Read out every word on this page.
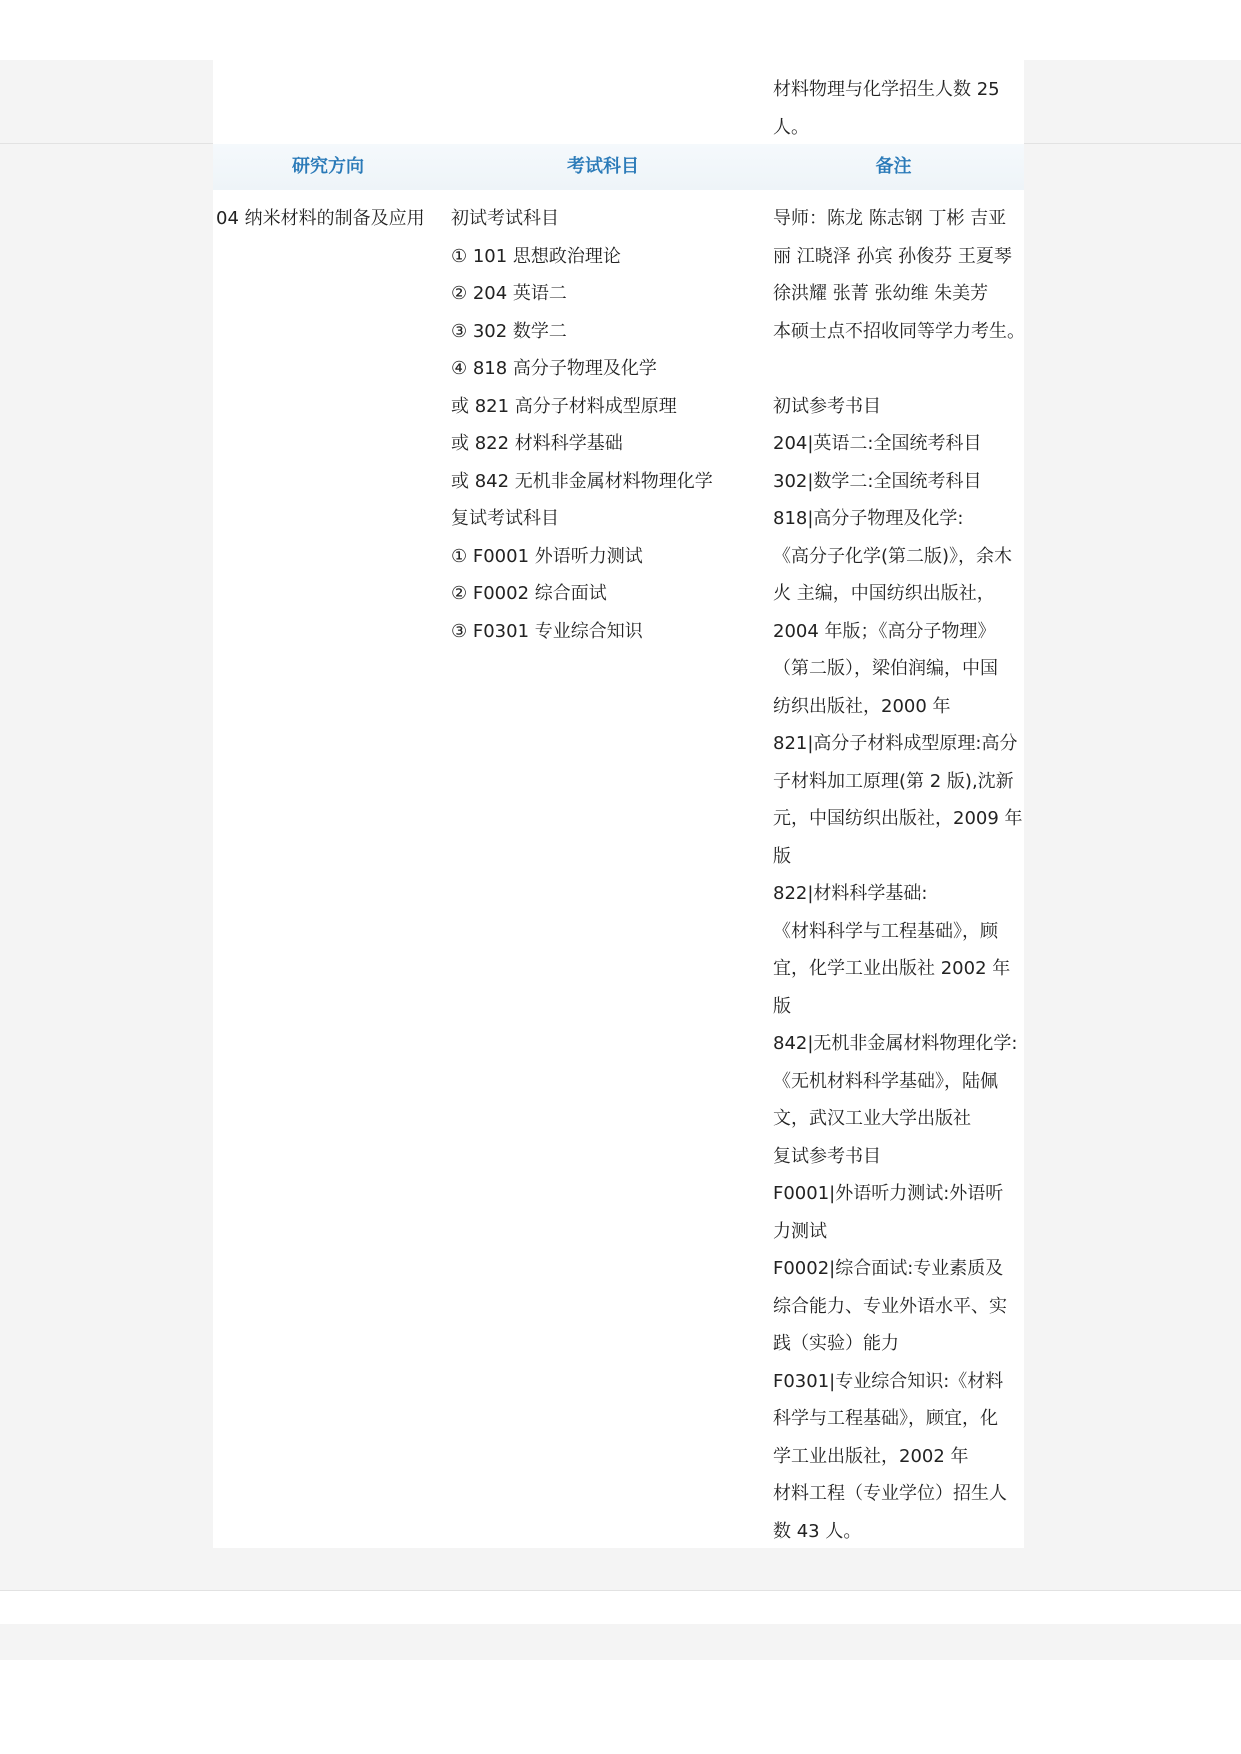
材料物理与化学招生人数 25
人。
研究方向	考试科目	备注
04 纳米材料的制备及应用 初试考试科目
① 101 思想政治理论
② 204 英语二
③ 302 数学二
④ 818 高分子物理及化学
或 821 高分子材料成型原理
或 822 材料科学基础
或 842 无机非金属材料物理化学
复试考试科目
① F0001 外语听力测试
② F0002 综合面试
③ F0301 专业综合知识
导师：陈龙 陈志钢 丁彬 吉亚
丽 江晓泽 孙宾 孙俊芬 王夏琴
徐洪耀 张菁 张幼维 朱美芳
本硕士点不招收同等学力考生。
初试参考书目
204|英语二:全国统考科目
302|数学二:全国统考科目
818|高分子物理及化学:
《高分子化学(第二版)》，余木
火 主编，中国纺织出版社，
2004 年版；《高分子物理》
（第二版），梁伯润编，中国
纺织出版社，2000 年
821|高分子材料成型原理:高分
子材料加工原理(第 2 版),沈新
元，中国纺织出版社，2009 年
版
822|材料科学基础:
《材料科学与工程基础》，顾
宜，化学工业出版社 2002 年
版
842|无机非金属材料物理化学:
《无机材料科学基础》，陆佩
文，武汉工业大学出版社
复试参考书目
F0001|外语听力测试:外语听
力测试
F0002|综合面试:专业素质及
综合能力、专业外语水平、实
践（实验）能力
F0301|专业综合知识:《材料
科学与工程基础》，顾宜，化
学工业出版社，2002 年
材料工程（专业学位）招生人
数 43 人。
